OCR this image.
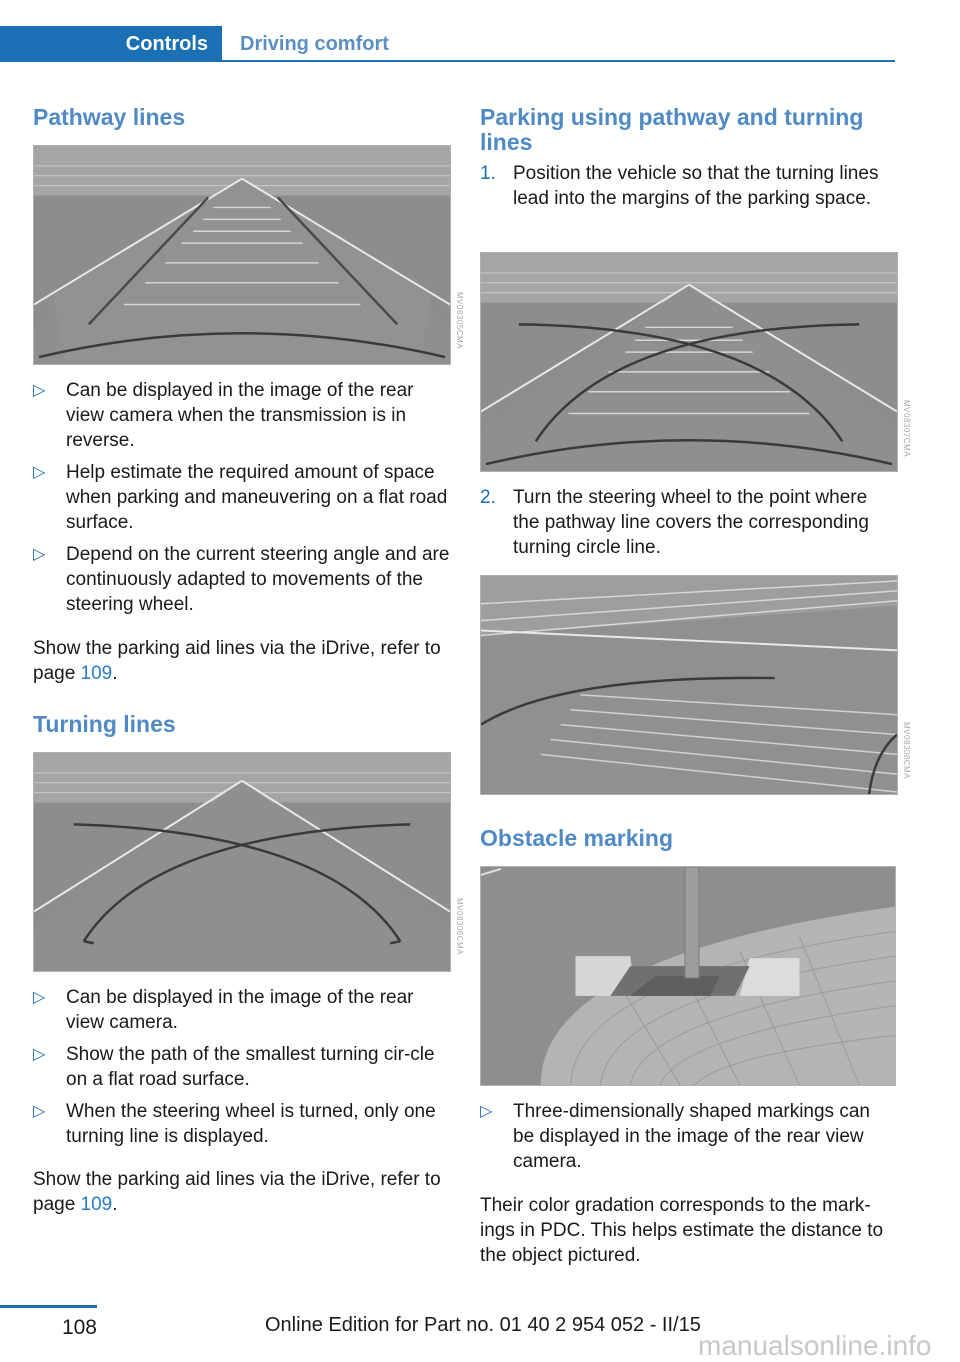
Controls	Driving comfort
Pathway lines
MV08305CMA
▷ Can be displayed in the image of the rear view camera when the transmission is in reverse.
▷ Help estimate the required amount of space when parking and maneuvering on a flat road surface.
▷ Depend on the current steering angle and are continuously adapted to movements of the steering wheel.

Show the parking aid lines via the iDrive, refer to page 109.

Turning lines
MV08306CMA
▷ Can be displayed in the image of the rear view camera.
▷ Show the path of the smallest turning cir‐cle on a flat road surface.
▷ When the steering wheel is turned, only one turning line is displayed.

Show the parking aid lines via the iDrive, refer to page 109.

Parking using pathway and turning lines
1. Position the vehicle so that the turning lines lead into the margins of the parking space.
MV08307CMA
2. Turn the steering wheel to the point where the pathway line covers the corresponding turning circle line.
MV08308CMA
Obstacle marking
▷ Three-dimensionally shaped markings can be displayed in the image of the rear view camera.

Their color gradation corresponds to the mark‐ings in PDC. This helps estimate the distance to the object pictured.

108	Online Edition for Part no. 01 40 2 954 052 - II/15
manualsonline.info
